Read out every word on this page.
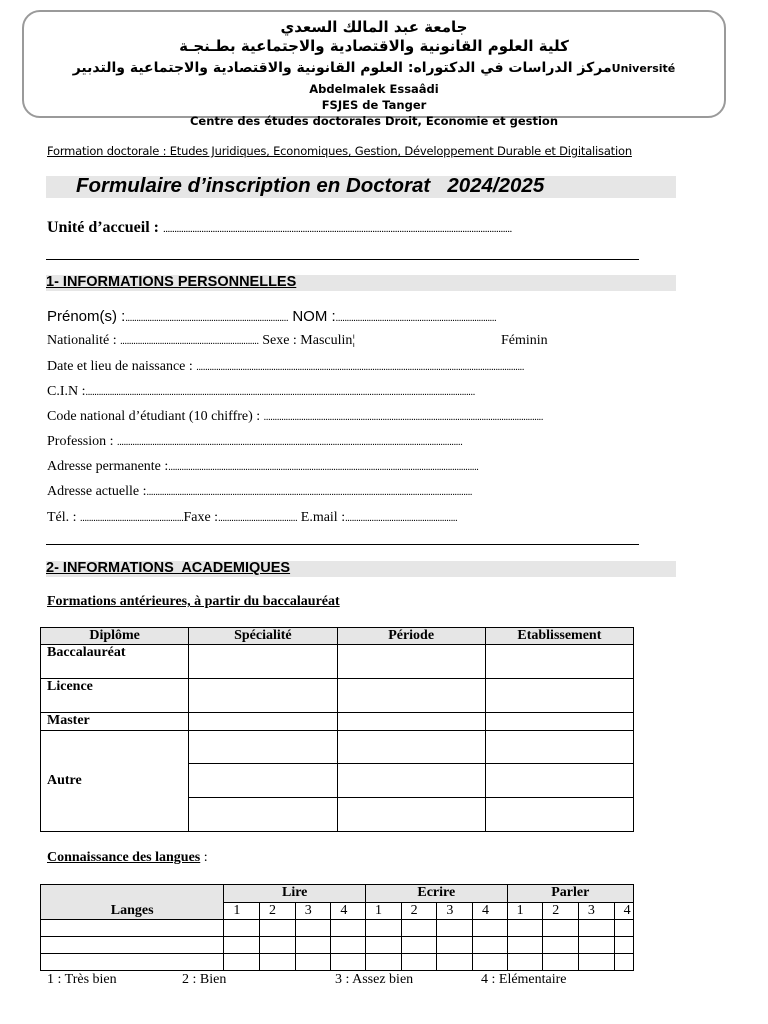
جامعة عبد المالك السعدي
كلية العلوم القانونية والاقتصادية والاجتماعية بطـنجـة
مركز الدراسات في الدكتوراه: العلوم القانونية والاقتصادية والاجتماعية والتدبيرUniversité
Abdelmalek Essaâdi
FSJES de Tanger
Centre des études doctorales Droit, Economie et gestion
Formation doctorale : Etudes Juridiques, Economiques, Gestion, Développement Durable et Digitalisation
Formulaire d’inscription en Doctorat   2024/2025
Unité d’accueil : ...........................................................................................................................................................
1- INFORMATIONS PERSONNELLES
Prénom(s) :.......................................................................... NOM :.........................................................................
Nationalité : ............................................................... Sexe : Masculin¦	Féminin
Date et lieu de naissance : .....................................................................................................................................................
C.I.N :.................................................................................................................................................................................
Code national d’étudiant (10 chiffre) : ...............................................................................................................................
Profession : .............................................................................................................................................................
Adresse permanente :.............................................................................................................................................
Adresse actuelle :....................................................................................................................................................
Tél. : ...............................................Faxe :.................................... E.mail :...................................................
2- INFORMATIONS  ACADEMIQUES
Formations antérieures, à partir du baccalauréat
Diplôme	Spécialité	Période	Etablissement
Baccalauréat			
Licence			
Master			
Autre			

Connaissance des langues :
Langes	Lire				Ecrire				Parler			
	1	2	3	4	1	2	3	4	1	2	3	4

1 : Très bien	2 : Bien	3 : Assez bien	4 : Elémentaire
